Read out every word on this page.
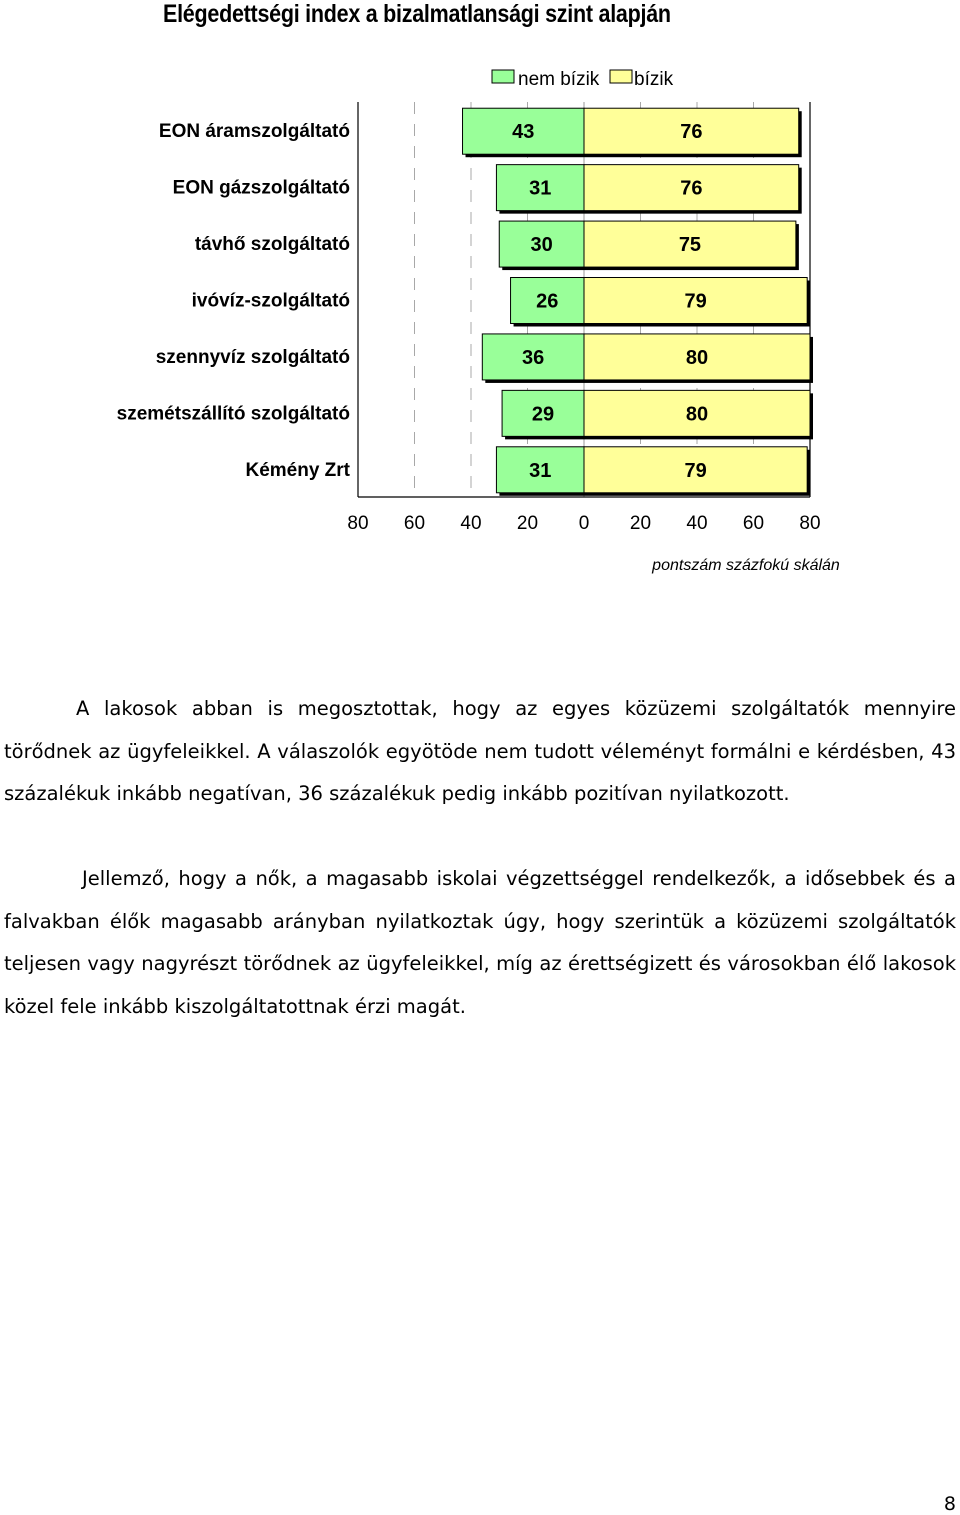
Elégedettségi index a bizalmatlansági szint alapján
43	76
EON áramszolgáltató
31	76
EON gázszolgáltató
30	75
távhő szolgáltató
26	79
ivóvíz-szolgáltató
36	80
szennyvíz szolgáltató
29	80
szemétszállító szolgáltató
31	79
Kémény Zrt
80 60 40 20 0 20 40 60 80
pontszám százfokú skálán
nem bízik bízik

A lakosok abban is megosztottak, hogy az egyes közüzemi szolgáltatók mennyire törődnek az ügyfeleikkel. A válaszolók egyötöde nem tudott véleményt formálni e kérdésben, 43 százalékuk inkább negatívan, 36 százalékuk pedig inkább pozitívan nyilatkozott.

Jellemző, hogy a nők, a magasabb iskolai végzettséggel rendelkezők, a idősebbek és a falvakban élők magasabb arányban nyilatkoztak úgy, hogy szerintük a közüzemi szolgáltatók teljesen vagy nagyrészt törődnek az ügyfeleikkel, míg az érettségizett és városokban élő lakosok közel fele inkább kiszolgáltatottnak érzi magát.

8
